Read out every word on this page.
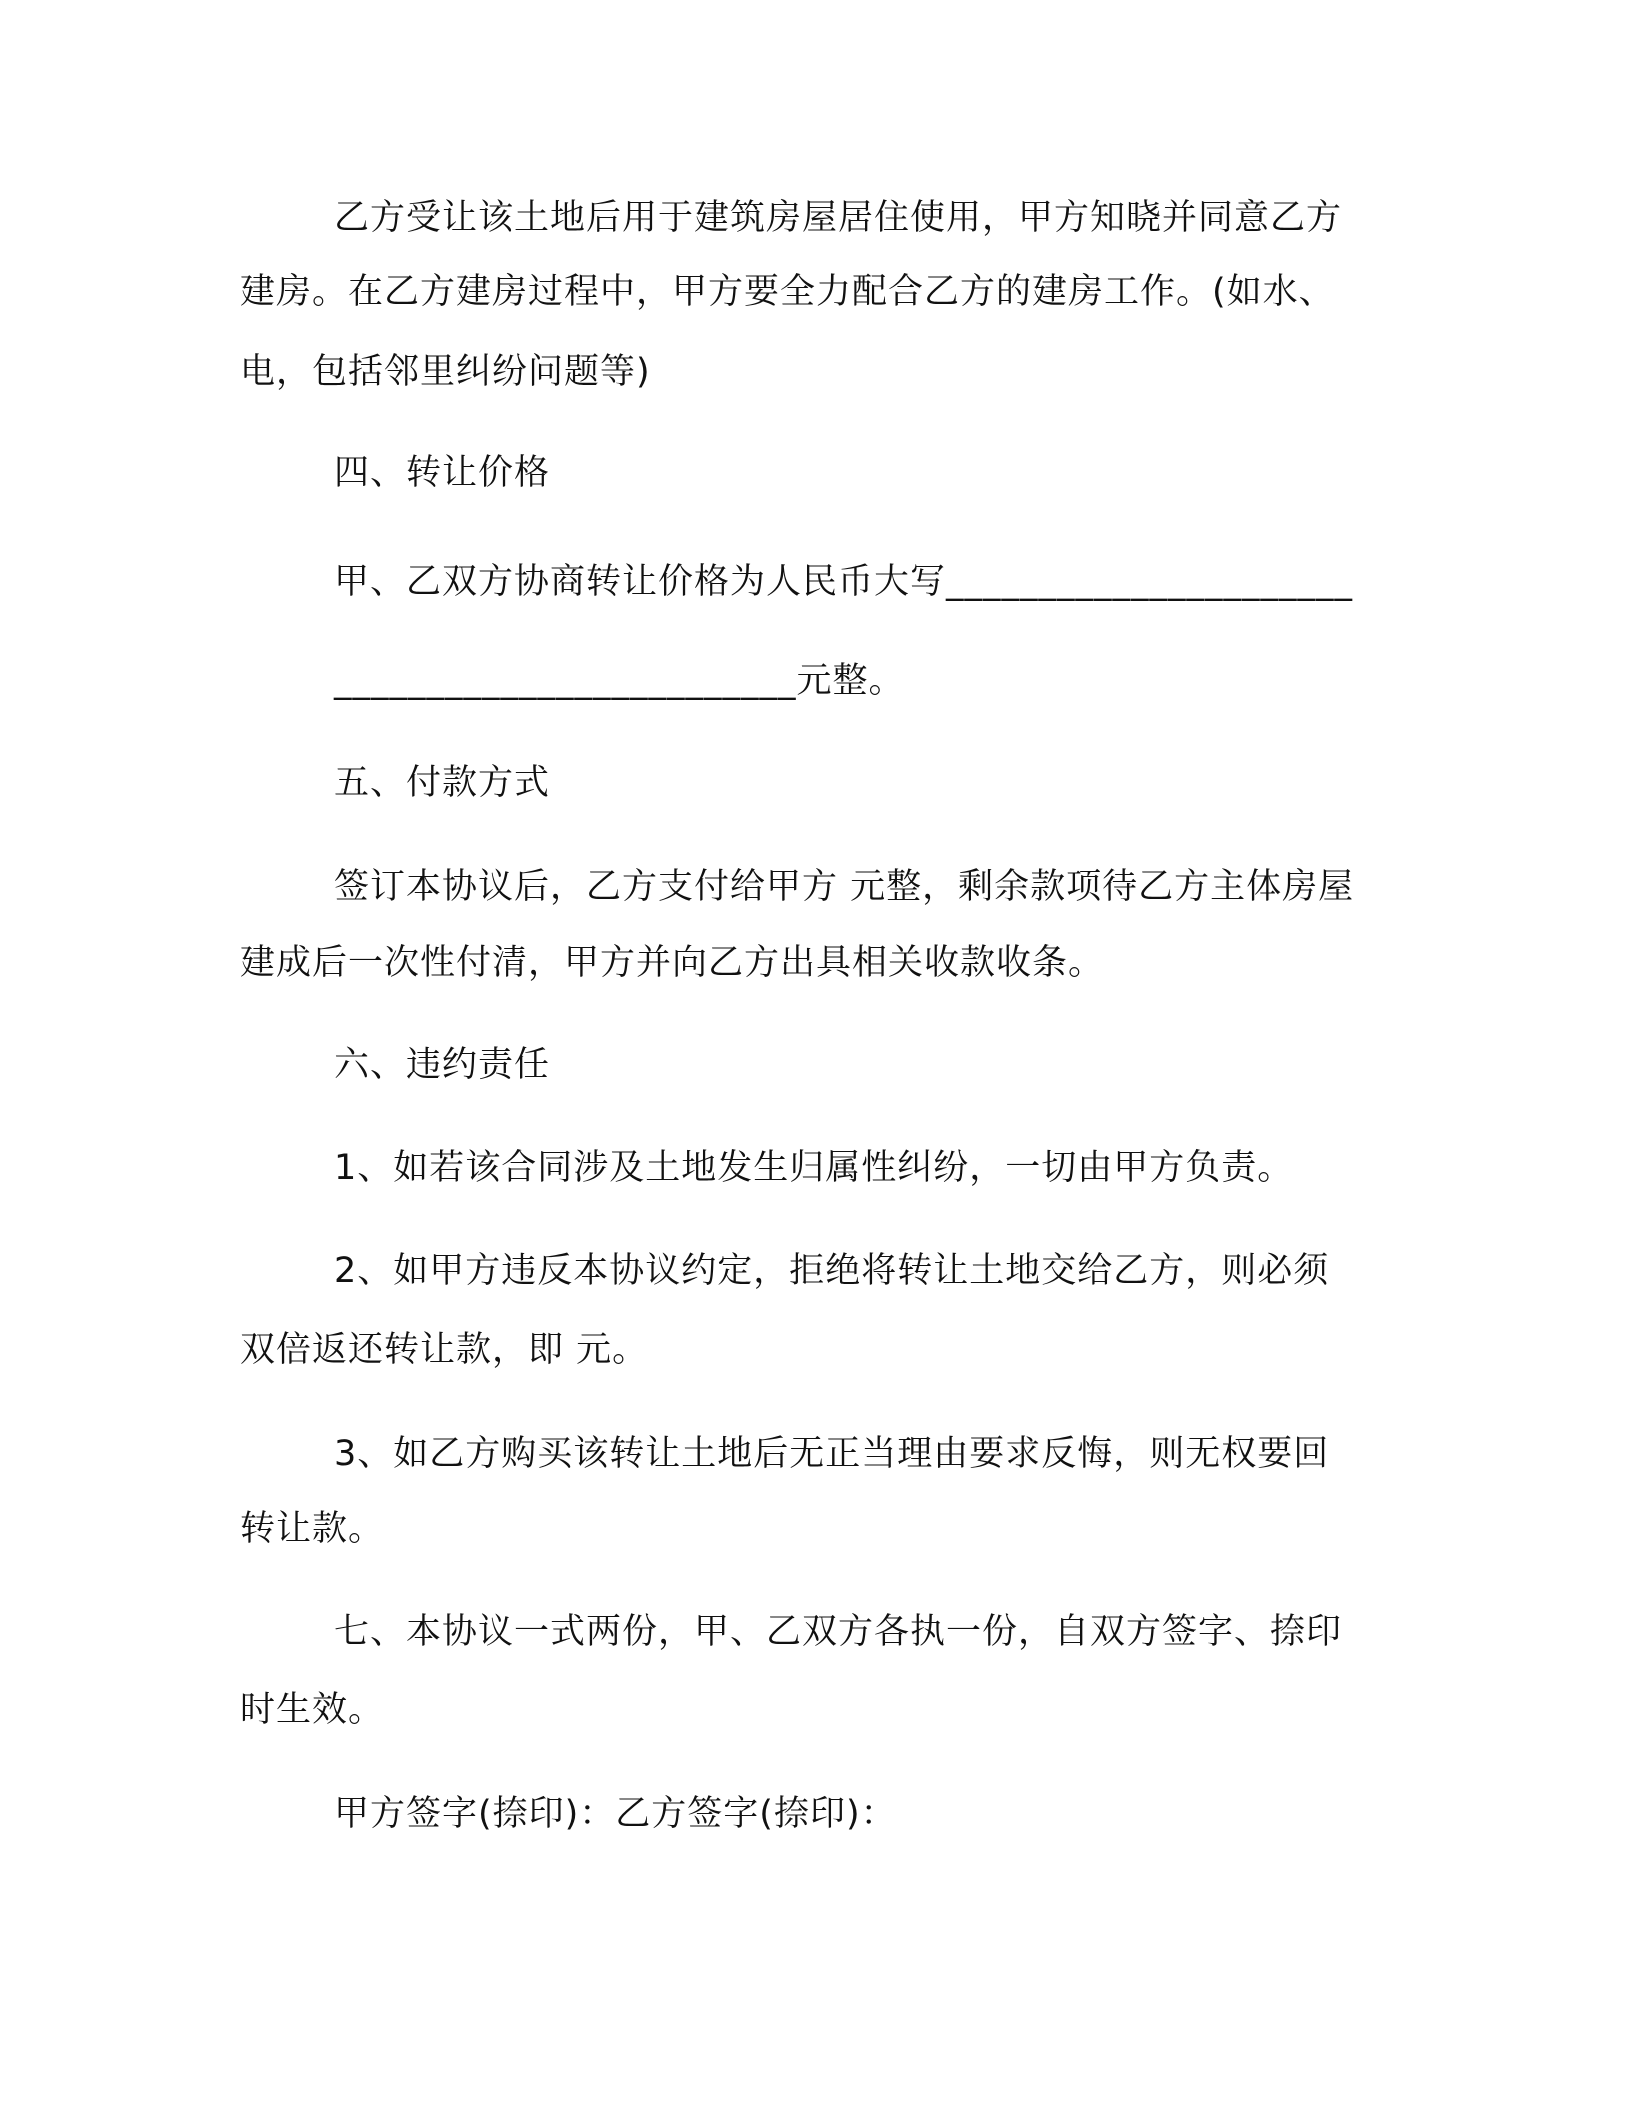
乙方受让该土地后用于建筑房屋居住使用，甲方知晓并同意乙方
建房。在乙方建房过程中，甲方要全力配合乙方的建房工作。(如水、
电，包括邻里纠纷问题等)
四、转让价格
甲、乙双方协商转让价格为人民币大写______________________
_________________________元整。
五、付款方式
签订本协议后，乙方支付给甲方 元整，剩余款项待乙方主体房屋
建成后一次性付清，甲方并向乙方出具相关收款收条。
六、违约责任
1、如若该合同涉及土地发生归属性纠纷，一切由甲方负责。
2、如甲方违反本协议约定，拒绝将转让土地交给乙方，则必须
双倍返还转让款，即 元。
3、如乙方购买该转让土地后无正当理由要求反悔，则无权要回
转让款。
七、本协议一式两份，甲、乙双方各执一份，自双方签字、捺印
时生效。
甲方签字(捺印)：乙方签字(捺印)：
